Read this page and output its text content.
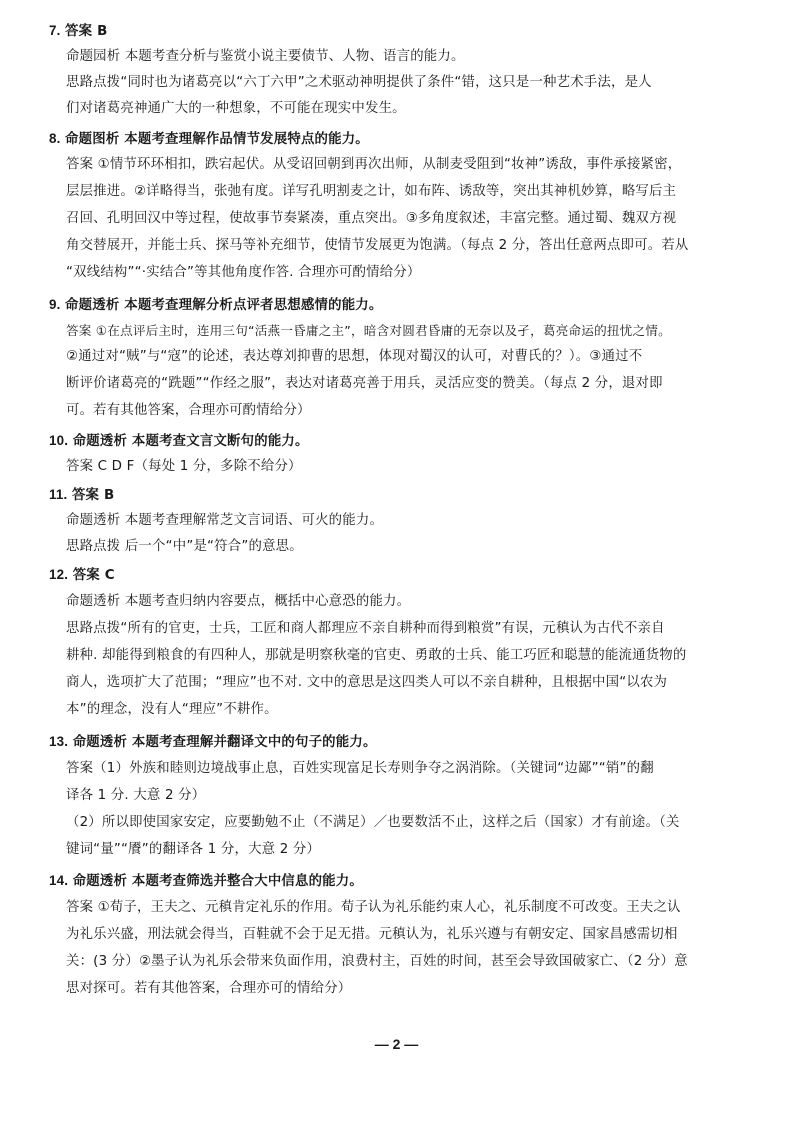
7. 答案 B
命题园析 本题考查分析与鉴赏小说主要债节、人物、语言的能力。
思路点拨“同时也为诸葛亮以“六丁六甲”之术驱动神明提供了条件“错，这只是一种艺术手法，是人
们对诸葛亮神通广大的一种想象，不可能在现实中发生。
8. 命题图析 本题考查理解作品情节发展特点的能力。
答案 ①情节环环相扣，跌宕起伏。从受诏回朝到再次出师，从制麦受阻到“妆神”诱敌，事件承接紧密，
层层推进。②详略得当，张弛有度。详写孔明割麦之计，如布阵、诱敌等，突出其神机妙算，略写后主
召回、孔明回汉中等过程，使故事节奏紧凑，重点突出。③多角度叙述，丰富完整。通过蜀、魏双方视
角交替展开，并能士兵、探马等补充细节，使情节发展更为饱满。（每点 2 分，答出任意两点即可。若从
“双线结构”“·实结合”等其他角度作答. 合理亦可酌情给分）
9. 命题透析 本题考查理解分析点评者思想感情的能力。
答案 ①在点评后主时，连用三句“活燕一昏庸之主”，暗含对圆君昏庸的无奈以及孑，葛亮命运的扭忧之情。
②通过对“贼”与“寇”的论述，表达尊刘抑曹的思想，体现对蜀汉的认可，对曹氏的？）。③通过不
断评价诸葛亮的“跣题”“作经之服”，表达对诸葛亮善于用兵，灵活应变的赞美。（每点 2 分，退对即
可。若有其他答案，合理亦可酌情给分）
10. 命题透析 本题考查文言文断句的能力。
答案 C D F（每处 1 分，多除不给分）
11. 答案 B
命题透析 本题考查理解常芝文言词语、可火的能力。
思路点拨 后一个“中”是“符合”的意思。
12. 答案 C
命题透析 本题考查归纳内容要点，概括中心意恐的能力。
思路点拨“所有的官吏，士兵，工匠和商人都理应不亲自耕种而得到粮赏”有误，元稹认为古代不亲自
耕种. 却能得到粮食的有四种人，那就是明察秋毫的官吏、勇敢的士兵、能工巧匠和聪慧的能流通货物的
商人，选项扩大了范围；“理应”也不对. 文中的意思是这四类人可以不亲自耕种，且根据中国“以农为
本”的理念，没有人“理应”不耕作。
13. 命题透析 本题考查理解并翻译文中的句子的能力。
答案（1）外族和睦则边境战事止息，百姓实现富足长寿则争夺之涡消除。（关键词“边鄙”“销”的翻
译各 1 分. 大意 2 分）
（2）所以即使国家安定，应要勤勉不止（不满足）／也要数活不止，这样之后（国家）才有前途。（关
键词“量”“餍”的翻译各 1 分，大意 2 分）
14. 命题透析 本题考查筛选并整合大中信息的能力。
答案 ①荀子，王夫之、元稹肯定礼乐的作用。荀子认为礼乐能约束人心，礼乐制度不可改变。王夫之认
为礼乐兴盛，刑法就会得当，百鞋就不会于足无措。元稹认为，礼乐兴遵与有朝安定、国家昌感需切相
关：(3 分）②墨子认为礼乐会带来负面作用，浪费村主，百姓的时间，甚至会导致国破家亡、（2 分）意
思对探可。若有其他答案，合理亦可的情给分）
— 2 —
